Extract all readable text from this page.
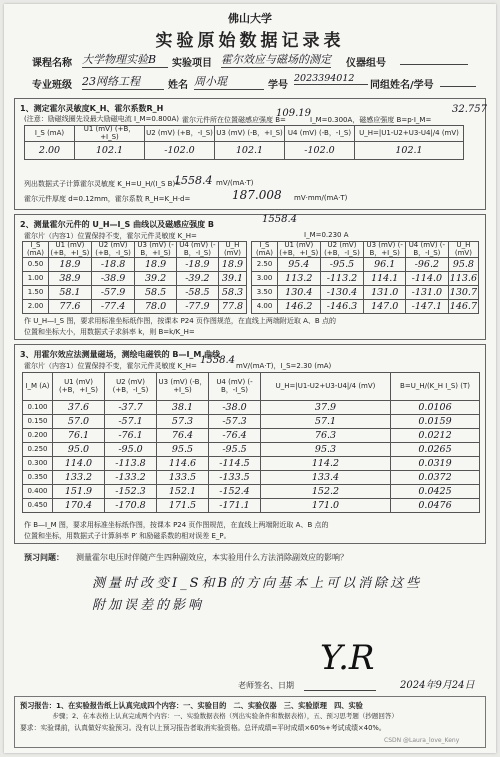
佛山大学
实验原始数据记录表
课程名称 大学物理实验B	实验项目 霍尔效应与磁场的测定 仪器组号
专业班级 23网络工程	姓名 周小琨	学号
2023394012
同组姓名/学号
1、测定霍尔灵敏度K_H、霍尔系数R_H
(注意：励磁线圈先设最大励磁电流 I_M=0.800A) 霍尔元件所在位置磁感应强度 B=
109.19
I_M=0.300A，磁感应强度 B=p·I_M=
32.757
I_S (mA)	U1 (mV) (+B，+I_S)	U2 (mV) (+B，-I_S)	U3 (mV) (-B，+I_S)	U4 (mV) (-B，-I_S)	U_H=|U1-U2+U3-U4|/4 (mV)
2.00	102.1	-102.0	102.1	-102.0	102.1
列出数据式子计算霍尔灵敏度 K_H=U_H/(I_S B)=
1558.4 mV/(mA·T)
霍尔元件厚度 d=0.12mm，霍尔系数 R_H=K_H·d=	187.008 mV·mm/(mA·T)
2、测量霍尔元件的 U_H—I_S 曲线以及磁感应强度 B	1558.4
霍尔片（内容1）位置保持不变，霍尔元件灵敏度 K_H=	I_M=0.230 A
I_S (mA)	U1 (mV) (+B，+I_S)	U2 (mV) (+B，-I_S)	U3 (mV) (-B，+I_S)	U4 (mV) (-B，-I_S)	U_H (mV)
0.50	18.9	-18.8	18.9	-18.9	18.9
1.00	38.9	-38.9	39.2	-39.2	39.1
1.50	58.1	-57.9	58.5	-58.5	58.3
2.00	77.6	-77.4	78.0	-77.9	77.8
I_S (mA)	U1 (mV) (+B，+I_S)	U2 (mV) (+B，-I_S)	U3 (mV) (-B，+I_S)	U4 (mV) (-B，-I_S)	U_H (mV)
2.50	95.4	-95.5	96.1	-96.2	95.8
3.00	113.2	-113.2	114.1	-114.0	113.6
3.50	130.4	-130.4	131.0	-131.0	130.7
4.00	146.2	-146.3	147.0	-147.1	146.7
作 U_H—I_S 图，要求用标准坐标纸作图，按课本 P24 页作图规范，在直线上两端附近取 A、B 点的
位置和坐标大小，用数据式子求斜率 k，则 B=k/K_H=
3、用霍尔效应法测量磁场，测绘电磁铁的 B—I_M 曲线
霍尔片（内容1）位置保持不变，霍尔元件灵敏度 K_H= 1558.4 mV/(mA·T)，I_S=2.30 (mA)
I_M (A)	U1 (mV) (+B，+I_S)	U2 (mV) (+B，-I_S)	U3 (mV) (-B，+I_S)	U4 (mV) (-B，-I_S)	U_H=|U1-U2+U3-U4|/4 (mV)	B=U_H/(K_H I_S) (T)
0.100	37.6	-37.7	38.1	-38.0	37.9	0.0106
0.150	57.0	-57.1	57.3	-57.3	57.1	0.0159
0.200	76.1	-76.1	76.4	-76.4	76.3	0.0212
0.250	95.0	-95.0	95.5	-95.5	95.3	0.0265
0.300	114.0	-113.8	114.6	-114.5	114.2	0.0319
0.350	133.2	-133.2	133.5	-133.5	133.4	0.0372
0.400	151.9	-152.3	152.1	-152.4	152.2	0.0425
0.450	170.4	-170.8	171.5	-171.1	171.0	0.0476
作 B—I_M 图，要求用标准坐标纸作图，按课本 P24 页作图规范，在直线上两端附近取 A、B 点的
位置和坐标，用数据式子计算斜率 P′ 和励磁系数的相对误差 E_P。
预习问题： 测量霍尔电压时伴随产生四种副效应，本实验用什么方法消除副效应的影响？
测量时改变I_S和B的方向基本上可以消除这些
附加误差的影响
老师签名、日期
Y.R
2024年9月24日
预习报告：1、在实验报告纸上认真完成四个内容：一、实验目的　二、实验仪器　三、实验原理　四、实验
　　　　　步骤；2、在本表格上认真完成两个内容：一、实验数据表格（列出实验条件和数据表格），五、预习思考题（抄题回答）
要求：实验课前，认真做好实验预习。没有以上预习报告者取消实验资格。总评成绩=平时成绩×60%+考试成绩×40%。
CSDN @Laura_love_Keny
